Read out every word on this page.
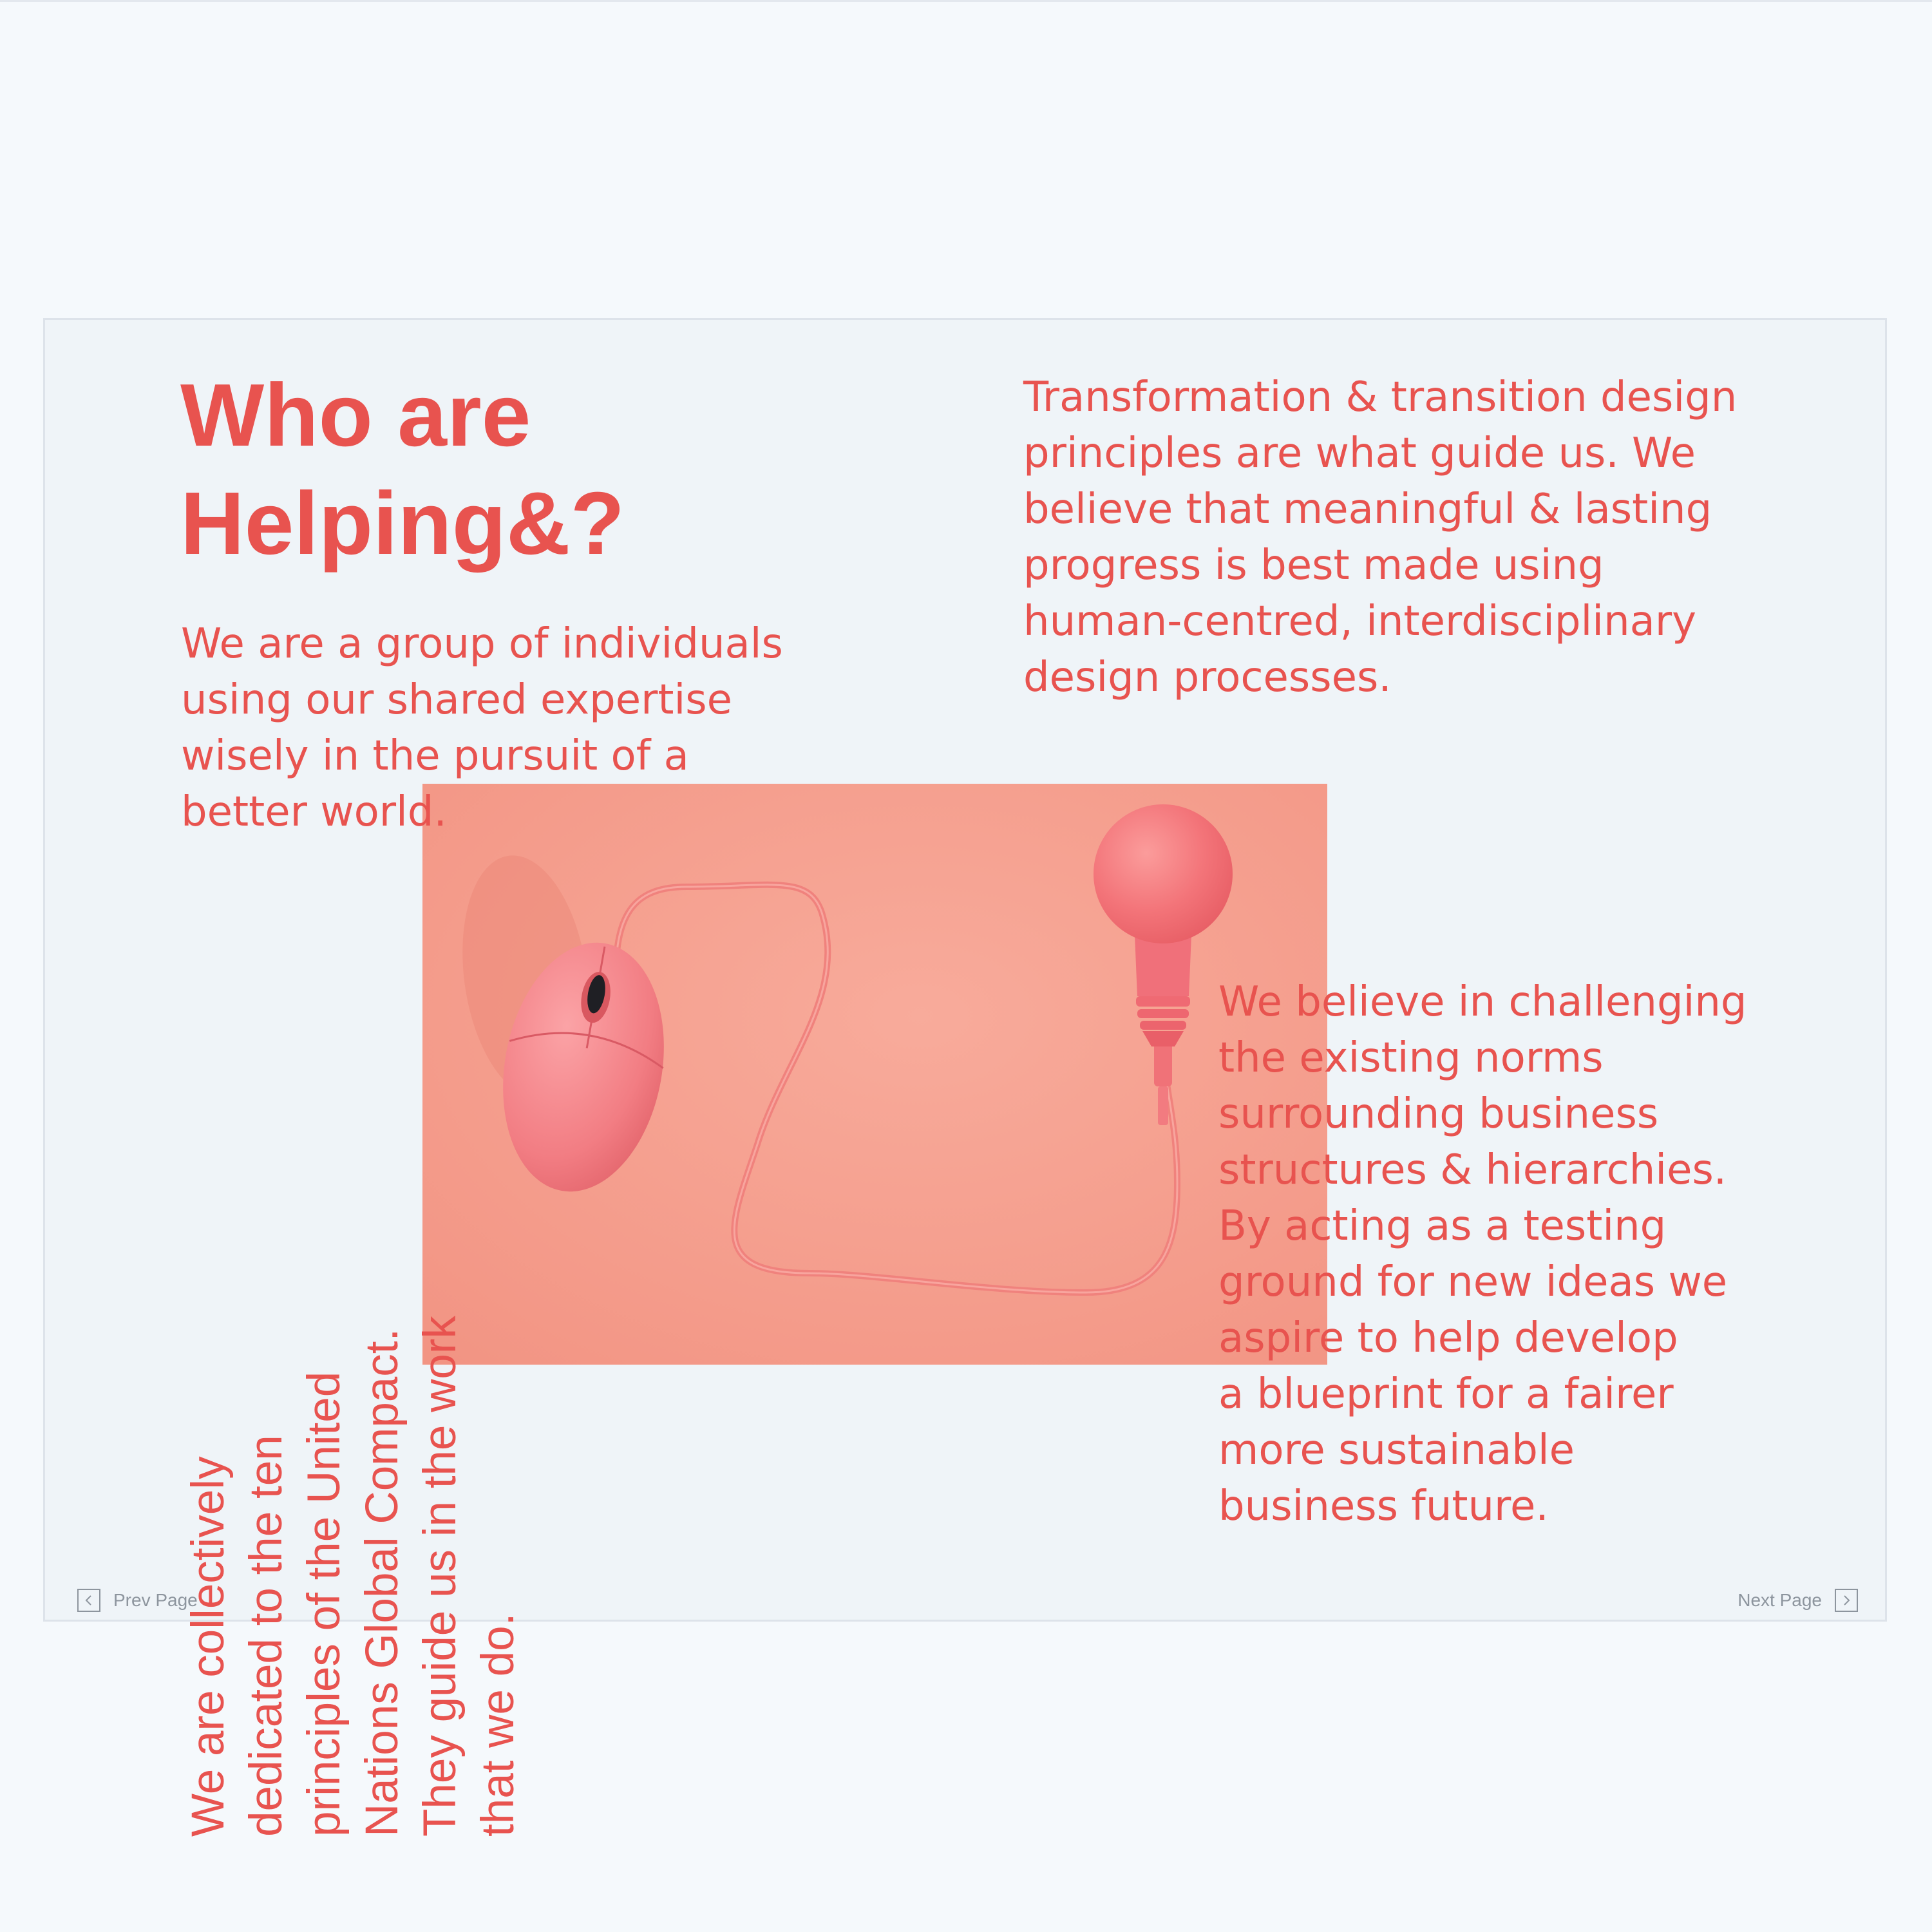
Who are
Helping&?

We are a group of individuals
using our shared expertise
wisely in the pursuit of a
better world.

Transformation & transition design
principles are what guide us. We
believe that meaningful & lasting
progress is best made using
human-centred, interdisciplinary
design processes.

We are collectively
dedicated to the ten
principles of the United
Nations Global Compact.
They guide us in the work
that we do.

We believe in challenging
the existing norms
surrounding business
structures & hierarchies.
By acting as a testing
ground for new ideas we
aspire to help develop
a blueprint for a fairer
more sustainable
business future.

Prev Page	Next Page
